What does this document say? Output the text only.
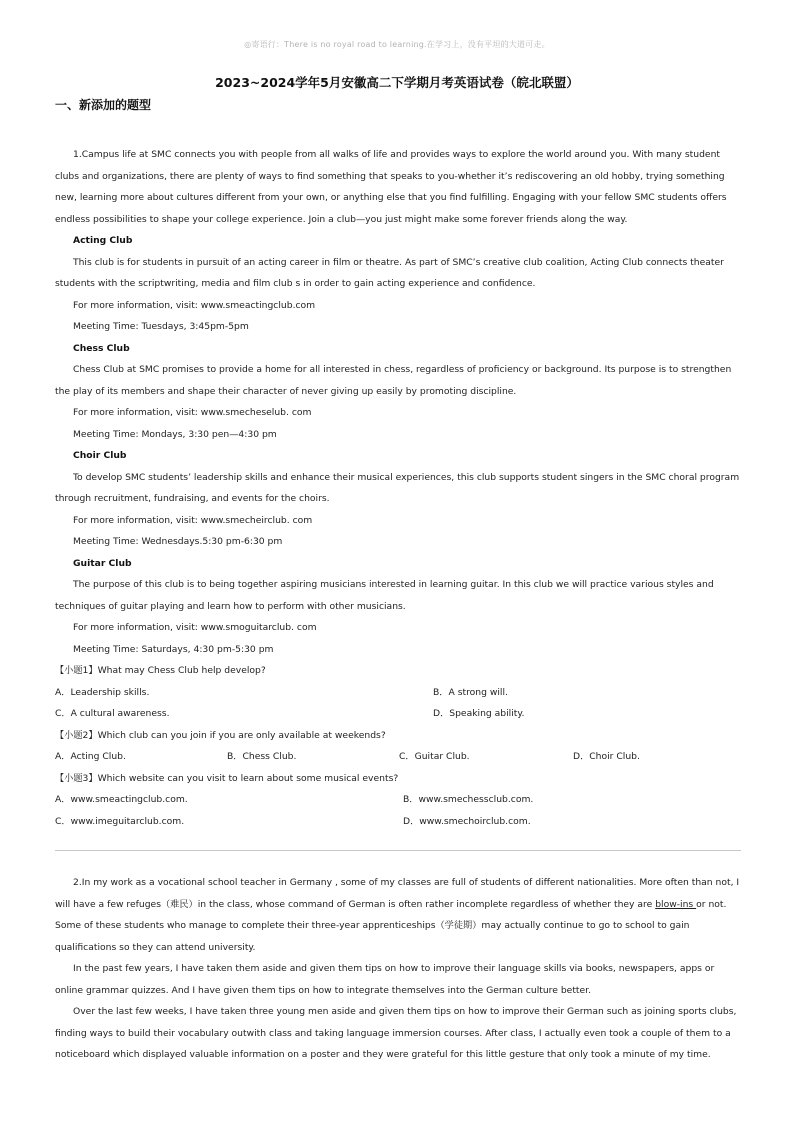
◎寄语行：There is no royal road to learning.在学习上，没有平坦的大道可走。
2023~2024学年5月安徽高二下学期月考英语试卷（皖北联盟）
一、新添加的题型

1.Campus life at SMC connects you with people from all walks of life and provides ways to explore the world around you. With many student clubs and organizations, there are plenty of ways to find something that speaks to you-whether it’s rediscovering an old hobby, trying something new, learning more about cultures different from your own, or anything else that you find fulfilling. Engaging with your fellow SMC students offers endless possibilities to shape your college experience. Join a club—you just might make some forever friends along the way.

Acting Club

This club is for students in pursuit of an acting career in film or theatre. As part of SMC’s creative club coalition, Acting Club connects theater students with the scriptwriting, media and film club s in order to gain acting experience and confidence.

For more information, visit: www.smeactingclub.com

Meeting Time: Tuesdays, 3:45pm-5pm

Chess Club

Chess Club at SMC promises to provide a home for all interested in chess, regardless of proficiency or background. Its purpose is to strengthen the play of its members and shape their character of never giving up easily by promoting discipline.

For more information, visit: www.smecheselub. com

Meeting Time: Mondays, 3:30 pen—4:30 pm

Choir Club

To develop SMC students’ leadership skills and enhance their musical experiences, this club supports student singers in the SMC choral program through recruitment, fundraising, and events for the choirs.

For more information, visit: www.smecheirclub. com

Meeting Time: Wednesdays.5:30 pm-6:30 pm

Guitar Club

The purpose of this club is to being together aspiring musicians interested in learning guitar. In this club we will practice various styles and techniques of guitar playing and learn how to perform with other musicians.

For more information, visit: www.smoguitarclub. com

Meeting Time: Saturdays, 4:30 pm-5:30 pm

【小题1】What may Chess Club help develop?

A．Leadership skills.	B．A strong will.
C．A cultural awareness.	D．Speaking ability.

【小题2】Which club can you join if you are only available at weekends?

A．Acting Club.	B．Chess Club.	C．Guitar Club.	D．Choir Club.

【小题3】Which website can you visit to learn about some musical events?

A．www.smeactingclub.com.	B．www.smechessclub.com.
C．www.imeguitarclub.com.	D．www.smechoirclub.com.

2.In my work as a vocational school teacher in Germany , some of my classes are full of students of different nationalities. More often than not, I will have a few refuges（难民）in the class, whose command of German is often rather incomplete regardless of whether they are blow-ins or not. Some of these students who manage to complete their three-year apprenticeships（学徒期）may actually continue to go to school to gain qualifications so they can attend university.

In the past few years, I have taken them aside and given them tips on how to improve their language skills via books, newspapers, apps or online grammar quizzes. And I have given them tips on how to integrate themselves into the German culture better.

Over the last few weeks, I have taken three young men aside and given them tips on how to improve their German such as joining sports clubs, finding ways to build their vocabulary outwith class and taking language immersion courses. After class, I actually even took a couple of them to a noticeboard which displayed valuable information on a poster and they were grateful for this little gesture that only took a minute of my time.
